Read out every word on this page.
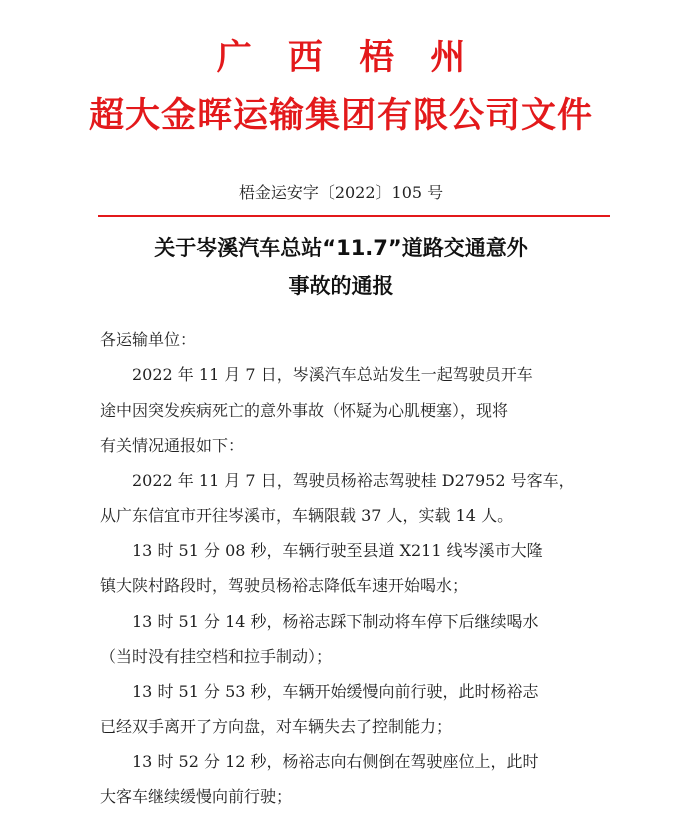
广 西 梧 州
超大金晖运输集团有限公司文件
梧金运安字〔2022〕105 号
关于岑溪汽车总站“11.7”道路交通意外
事故的通报
各运输单位：
2022 年 11 月 7 日，岑溪汽车总站发生一起驾驶员开车
途中因突发疾病死亡的意外事故（怀疑为心肌梗塞），现将
有关情况通报如下：
2022 年 11 月 7 日，驾驶员杨裕志驾驶桂 D27952 号客车，
从广东信宜市开往岑溪市，车辆限载 37 人，实载 14 人。
13 时 51 分 08 秒，车辆行驶至县道 X211 线岑溪市大隆
镇大陕村路段时，驾驶员杨裕志降低车速开始喝水；
13 时 51 分 14 秒，杨裕志踩下制动将车停下后继续喝水
（当时没有挂空档和拉手制动）；
13 时 51 分 53 秒，车辆开始缓慢向前行驶，此时杨裕志
已经双手离开了方向盘，对车辆失去了控制能力；
13 时 52 分 12 秒，杨裕志向右侧倒在驾驶座位上，此时
大客车继续缓慢向前行驶；
